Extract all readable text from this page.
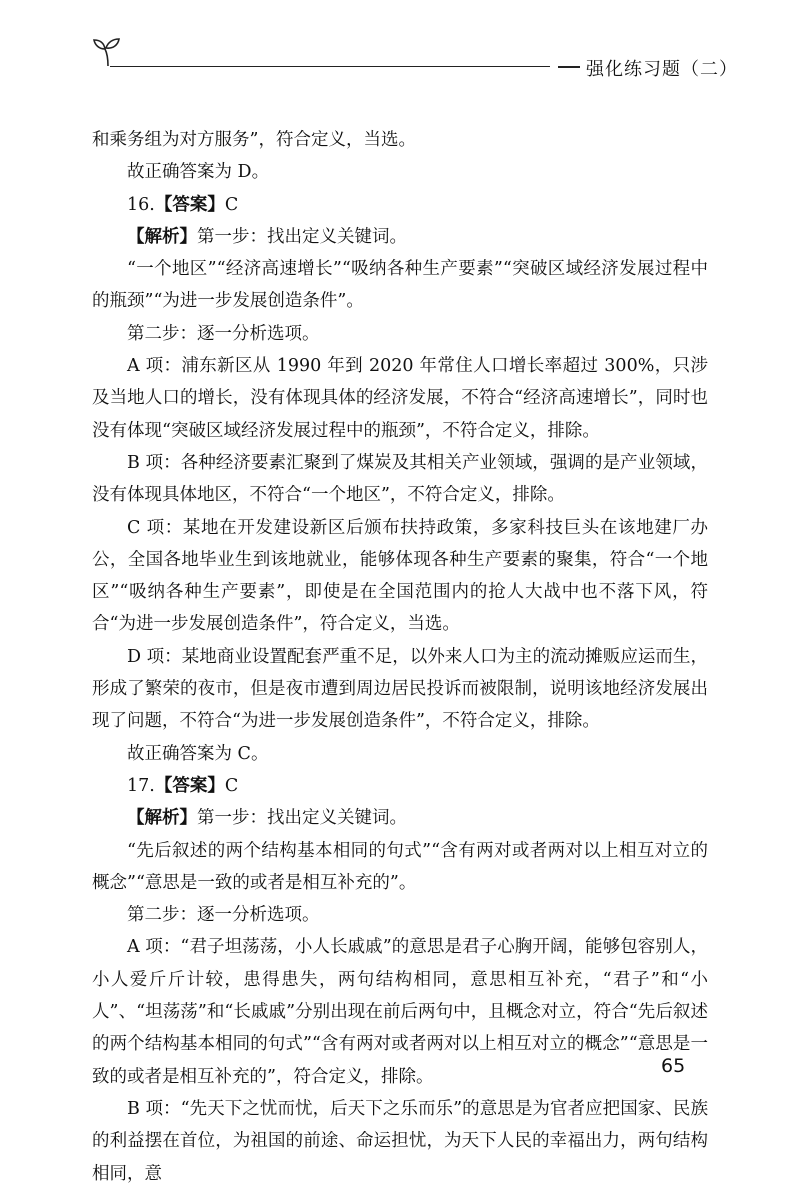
强化练习题（二）

和乘务组为对方服务”，符合定义，当选。

故正确答案为 D。

16.【答案】C

【解析】第一步：找出定义关键词。

“一个地区”“经济高速增长”“吸纳各种生产要素”“突破区域经济发展过程中的瓶颈”“为进一步发展创造条件”。

第二步：逐一分析选项。

A 项：浦东新区从 1990 年到 2020 年常住人口增长率超过 300%，只涉及当地人口的增长，没有体现具体的经济发展，不符合“经济高速增长”，同时也没有体现“突破区域经济发展过程中的瓶颈”，不符合定义，排除。

B 项：各种经济要素汇聚到了煤炭及其相关产业领域，强调的是产业领域，没有体现具体地区，不符合“一个地区”，不符合定义，排除。

C 项：某地在开发建设新区后颁布扶持政策，多家科技巨头在该地建厂办公，全国各地毕业生到该地就业，能够体现各种生产要素的聚集，符合“一个地区”“吸纳各种生产要素”，即使是在全国范围内的抢人大战中也不落下风，符合“为进一步发展创造条件”，符合定义，当选。

D 项：某地商业设置配套严重不足，以外来人口为主的流动摊贩应运而生，形成了繁荣的夜市，但是夜市遭到周边居民投诉而被限制，说明该地经济发展出现了问题，不符合“为进一步发展创造条件”，不符合定义，排除。

故正确答案为 C。

17.【答案】C

【解析】第一步：找出定义关键词。

“先后叙述的两个结构基本相同的句式”“含有两对或者两对以上相互对立的概念”“意思是一致的或者是相互补充的”。

第二步：逐一分析选项。

A 项：“君子坦荡荡，小人长戚戚”的意思是君子心胸开阔，能够包容别人，小人爱斤斤计较，患得患失，两句结构相同，意思相互补充，“君子”和“小人”、“坦荡荡”和“长戚戚”分别出现在前后两句中，且概念对立，符合“先后叙述的两个结构基本相同的句式”“含有两对或者两对以上相互对立的概念”“意思是一致的或者是相互补充的”，符合定义，排除。

B 项：“先天下之忧而忧，后天下之乐而乐”的意思是为官者应把国家、民族的利益摆在首位，为祖国的前途、命运担忧，为天下人民的幸福出力，两句结构相同，意

65
